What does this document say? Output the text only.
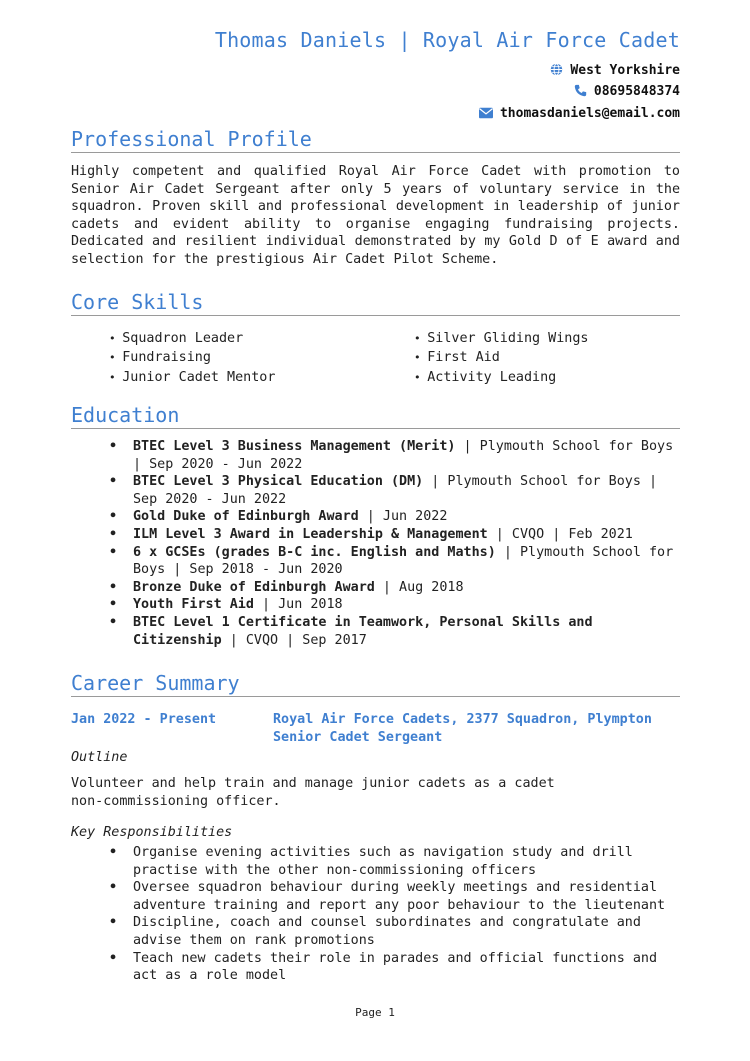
Thomas Daniels | Royal Air Force Cadet
West Yorkshire
08695848374
thomasdaniels@email.com
Professional Profile
Highly competent and qualified Royal Air Force Cadet with promotion to Senior Air Cadet Sergeant after only 5 years of voluntary service in the squadron. Proven skill and professional development in leadership of junior cadets and evident ability to organise engaging fundraising projects. Dedicated and resilient individual demonstrated by my Gold D of E award and selection for the prestigious Air Cadet Pilot Scheme.
Core Skills
• Squadron Leader
• Fundraising
• Junior Cadet Mentor
• Silver Gliding Wings
• First Aid
• Activity Leading
Education
• BTEC Level 3 Business Management (Merit) | Plymouth School for Boys | Sep 2020 - Jun 2022
• BTEC Level 3 Physical Education (DM) | Plymouth School for Boys | Sep 2020 - Jun 2022
• Gold Duke of Edinburgh Award | Jun 2022
• ILM Level 3 Award in Leadership & Management | CVQO | Feb 2021
• 6 x GCSEs (grades B-C inc. English and Maths) | Plymouth School for Boys | Sep 2018 - Jun 2020
• Bronze Duke of Edinburgh Award | Aug 2018
• Youth First Aid | Jun 2018
• BTEC Level 1 Certificate in Teamwork, Personal Skills and Citizenship | CVQO | Sep 2017
Career Summary
Jan 2022 - Present	Royal Air Force Cadets, 2377 Squadron, Plympton
Senior Cadet Sergeant
Outline
Volunteer and help train and manage junior cadets as a cadet non-commissioning officer.
Key Responsibilities
• Organise evening activities such as navigation study and drill practise with the other non-commissioning officers
• Oversee squadron behaviour during weekly meetings and residential adventure training and report any poor behaviour to the lieutenant
• Discipline, coach and counsel subordinates and congratulate and advise them on rank promotions
• Teach new cadets their role in parades and official functions and act as a role model
Page 1
